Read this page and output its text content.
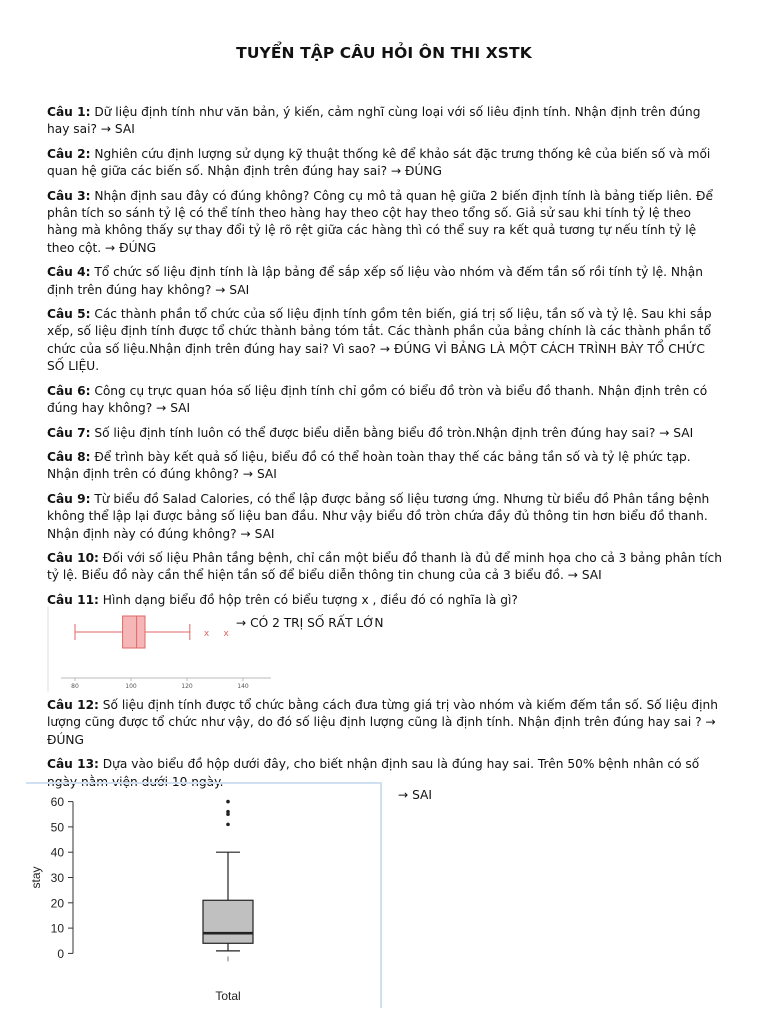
TUYỂN TẬP CÂU HỎI ÔN THI XSTK

Câu 1: Dữ liệu định tính như văn bản, ý kiến, cảm nghĩ cùng loại với số liêu định tính. Nhận định trên đúng hay sai? → SAI

Câu 2: Nghiên cứu định lượng sử dụng kỹ thuật thống kê để khảo sát đặc trưng thống kê của biến số và mối quan hệ giữa các biến số. Nhận định trên đúng hay sai? → ĐÚNG

Câu 3: Nhận định sau đây có đúng không? Công cụ mô tả quan hệ giữa 2 biến định tính là bảng tiếp liên. Để phân tích so sánh tỷ lệ có thể tính theo hàng hay theo cột hay theo tổng số. Giả sử sau khi tính tỷ lệ theo hàng mà không thấy sự thay đổi tỷ lệ rõ rệt giữa các hàng thì có thể suy ra kết quả tương tự nếu tính tỷ lệ theo cột. → ĐÚNG

Câu 4: Tổ chức số liệu định tính là lập bảng để sắp xếp số liệu vào nhóm và đếm tần số rồi tính tỷ lệ. Nhận định trên đúng hay không? → SAI

Câu 5: Các thành phần tổ chức của số liệu định tính gồm tên biến, giá trị số liệu, tần số và tỷ lệ. Sau khi sắp xếp, số liệu định tính được tổ chức thành bảng tóm tắt. Các thành phần của bảng chính là các thành phần tổ chức của số liệu.Nhận định trên đúng hay sai? Vì sao? → ĐÚNG VÌ BẢNG LÀ MỘT CÁCH TRÌNH BÀY TỔ CHỨC SỐ LIỆU.

Câu 6: Công cụ trực quan hóa số liệu định tính chỉ gồm có biểu đồ tròn và biểu đồ thanh. Nhận định trên có đúng hay không? → SAI

Câu 7: Số liệu định tính luôn có thể được biểu diễn bằng biểu đồ tròn.Nhận định trên đúng hay sai? → SAI

Câu 8: Để trình bày kết quả số liệu, biểu đồ có thể hoàn toàn thay thế các bảng tần số và tỷ lệ phức tạp. Nhận định trên có đúng không? → SAI

Câu 9: Từ biểu đồ Salad Calories, có thể lập được bảng số liệu tương ứng. Nhưng từ biểu đồ Phân tầng bệnh không thể lập lại được bảng số liệu ban đầu. Như vậy biểu đồ tròn chứa đầy đủ thông tin hơn biểu đồ thanh. Nhận định này có đúng không? → SAI

Câu 10: Đối với số liệu Phân tầng bệnh, chỉ cần một biểu đồ thanh là đủ để minh họa cho cả 3 bảng phân tích tỷ lệ. Biểu đồ này cần thể hiện tần số để biểu diễn thông tin chung của cả 3 biểu đồ. → SAI

Câu 11: Hình dạng biểu đồ hộp trên có biểu tượng x , điều đó có nghĩa là gì?

x x
80	100	120	140
→ CÓ 2 TRỊ SỐ RẤT LỚN

Câu 12: Số liệu định tính được tổ chức bằng cách đưa từng giá trị vào nhóm và kiếm đếm tần số. Số liệu định lượng cũng được tổ chức như vậy, do đó số liệu định lượng cũng là định tính. Nhận định trên đúng hay sai ? → ĐÚNG

Câu 13: Dựa vào biểu đồ hộp dưới đây, cho biết nhận định sau là đúng hay sai. Trên 50% bệnh nhân có số ngày nằm viện dưới 10 ngày.

0
10
20
30
40
50
60
stay
Total
→ SAI
